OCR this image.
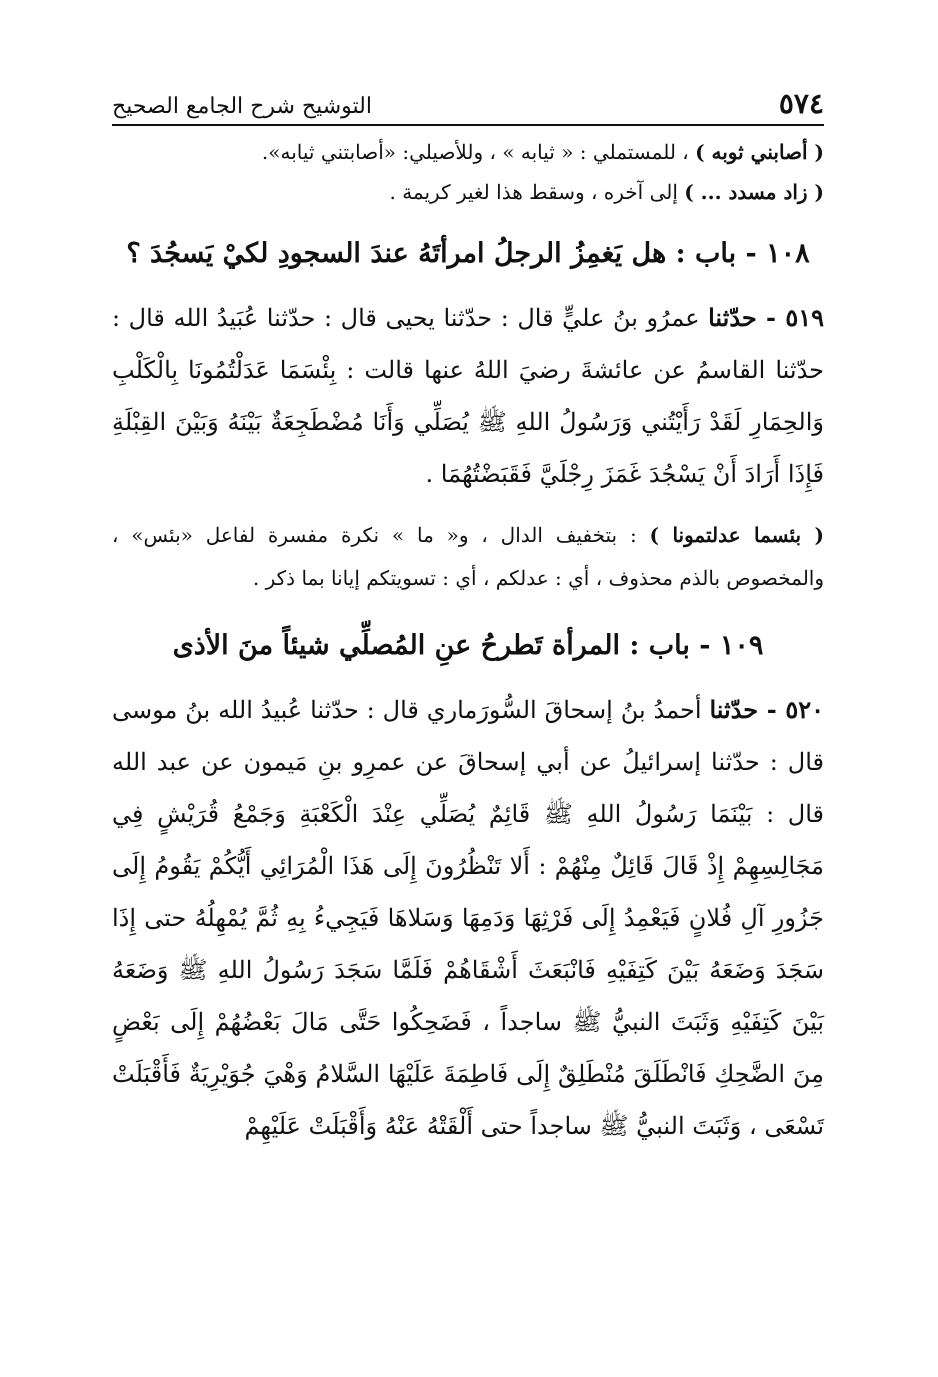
٥٧٤
التوشيح شرح الجامع الصحيح

( أصابني ثوبه ) ، للمستملي : « ثيابه » ، وللأصيلي: «أصابتني ثيابه».

( زاد مسدد ... ) إلى آخره ، وسقط هذا لغير كريمة .

١٠٨ - باب : هل يَغمِزُ الرجلُ امرأتَهُ عندَ السجودِ لكيْ يَسجُدَ ؟

٥١٩ - حدّثنا عمرُو بنُ عليٍّ قال : حدّثنا يحيى قال : حدّثنا عُبَيدُ الله قال : حدّثنا القاسمُ عن عائشةَ رضيَ اللهُ عنها قالت : بِئْسَمَا عَدَلْتُمُونَا بِالْكَلْبِ وَالحِمَارِ لَقَدْ رَأَيْتُني وَرَسُولُ اللهِ ﷺ يُصَلِّي وَأَنَا مُضْطَجِعَةٌ بَيْنَهُ وَبَيْنَ القِبْلَةِ فَإِذَا أَرَادَ أَنْ يَسْجُدَ غَمَزَ رِجْلَيَّ فَقَبَضْتُهُمَا .

( بئسما عدلتمونا ) : بتخفيف الدال ، و« ما » نكرة مفسرة لفاعل «بئس» ، والمخصوص بالذم محذوف ، أي : عدلكم ، أي : تسويتكم إيانا بما ذكر .

١٠٩ - باب : المرأة تَطرحُ عنِ المُصلِّي شيئاً منَ الأذى

٥٢٠ - حدّثنا أحمدُ بنُ إسحاقَ السُّورَماري قال : حدّثنا عُبيدُ الله بنُ موسى قال : حدّثنا إسرائيلُ عن أبي إسحاقَ عن عمرِو بنِ مَيمون عن عبد الله قال : بَيْنَمَا رَسُولُ اللهِ ﷺ قَائِمٌ يُصَلِّي عِنْدَ الْكَعْبَةِ وَجَمْعُ قُرَيْشٍ فِي مَجَالِسِهِمْ إِذْ قَالَ قَائِلٌ مِنْهُمْ : أَلا تَنْظُرُونَ إِلَى هَذَا الْمُرَائِي أَيُّكُمْ يَقُومُ إِلَى جَزُورِ آلِ فُلانٍ فَيَعْمِدُ إِلَى فَرْثِهَا وَدَمِهَا وَسَلاهَا فَيَجِيءُ بِهِ ثُمَّ يُمْهِلُهُ حتى إِذَا سَجَدَ وَضَعَهُ بَيْنَ كَتِفَيْهِ فَانْبَعَثَ أَشْقَاهُمْ فَلَمَّا سَجَدَ رَسُولُ اللهِ ﷺ وَضَعَهُ بَيْنَ كَتِفَيْهِ وَثَبَتَ النبيُّ ﷺ ساجداً ، فَضَحِكُوا حَتَّى مَالَ بَعْضُهُمْ إِلَى بَعْضٍ مِنَ الضَّحِكِ فَانْطَلَقَ مُنْطَلِقٌ إِلَى فَاطِمَةَ عَلَيْهَا السَّلامُ وَهْيَ جُوَيْرِيَةٌ فَأَقْبَلَتْ تَسْعَى ، وَثَبَتَ النبيُّ ﷺ ساجداً حتى أَلْقَتْهُ عَنْهُ وَأَقْبَلَتْ عَلَيْهِمْ
